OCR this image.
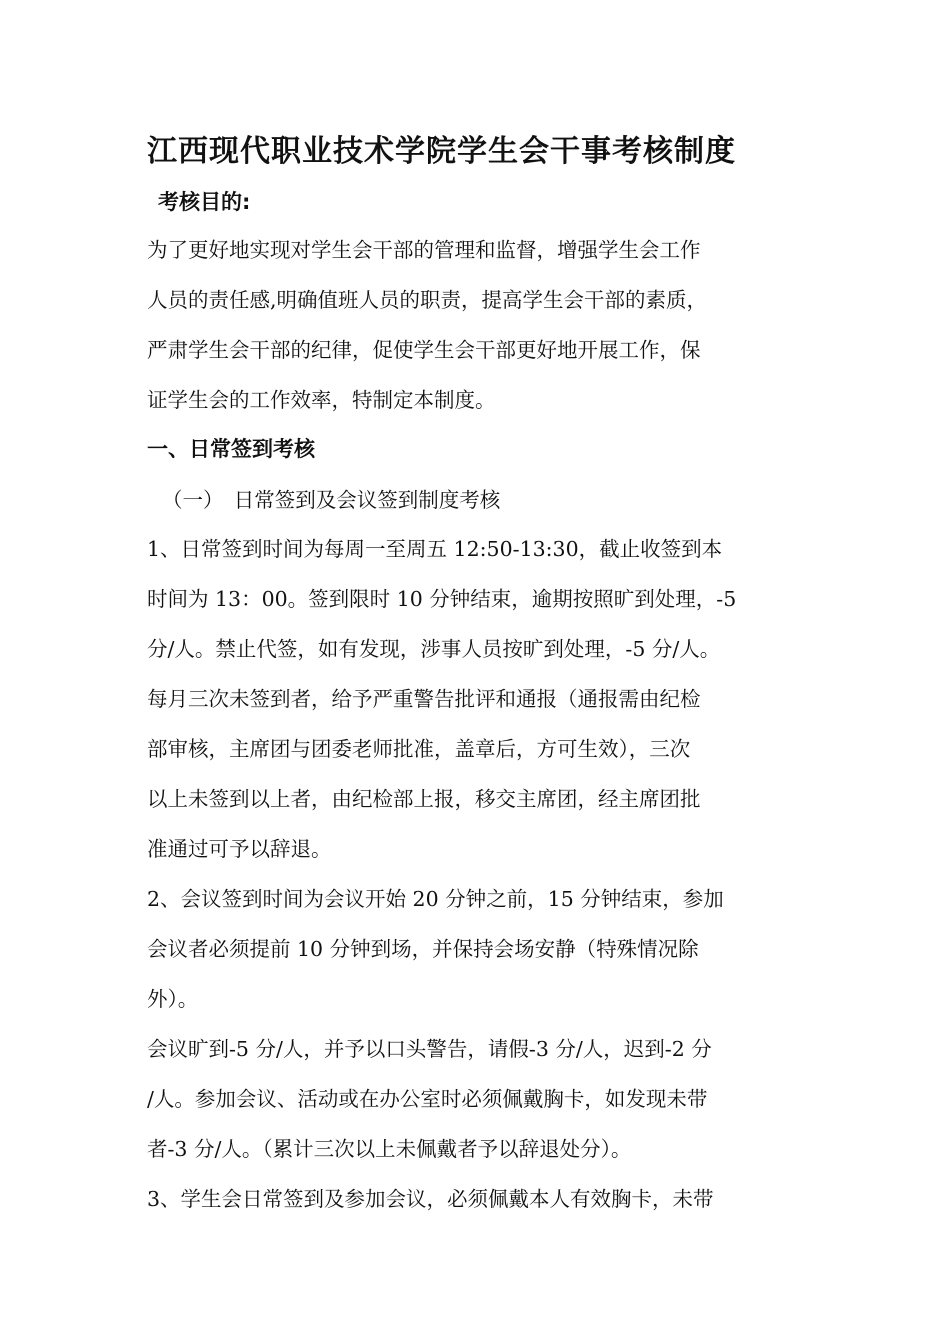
江西现代职业技术学院学生会干事考核制度
考核目的:
为了更好地实现对学生会干部的管理和监督，增强学生会工作
人员的责任感,明确值班人员的职责，提高学生会干部的素质，
严肃学生会干部的纪律，促使学生会干部更好地开展工作，保
证学生会的工作效率，特制定本制度。
一、日常签到考核
（一）　日常签到及会议签到制度考核
1、日常签到时间为每周一至周五 12:50-13:30，截止收签到本
时间为 13：00。签到限时 10 分钟结束，逾期按照旷到处理，-5
分/人。禁止代签，如有发现，涉事人员按旷到处理，-5 分/人。
每月三次未签到者，给予严重警告批评和通报（通报需由纪检
部审核，主席团与团委老师批准，盖章后，方可生效），三次
以上未签到以上者，由纪检部上报，移交主席团，经主席团批
准通过可予以辞退。
2、会议签到时间为会议开始 20 分钟之前，15 分钟结束，参加
会议者必须提前 10 分钟到场，并保持会场安静（特殊情况除
外）。
会议旷到-5 分/人，并予以口头警告，请假-3 分/人，迟到-2 分
/人。参加会议、活动或在办公室时必须佩戴胸卡，如发现未带
者-3 分/人。（累计三次以上未佩戴者予以辞退处分）。
3、学生会日常签到及参加会议，必须佩戴本人有效胸卡，未带
